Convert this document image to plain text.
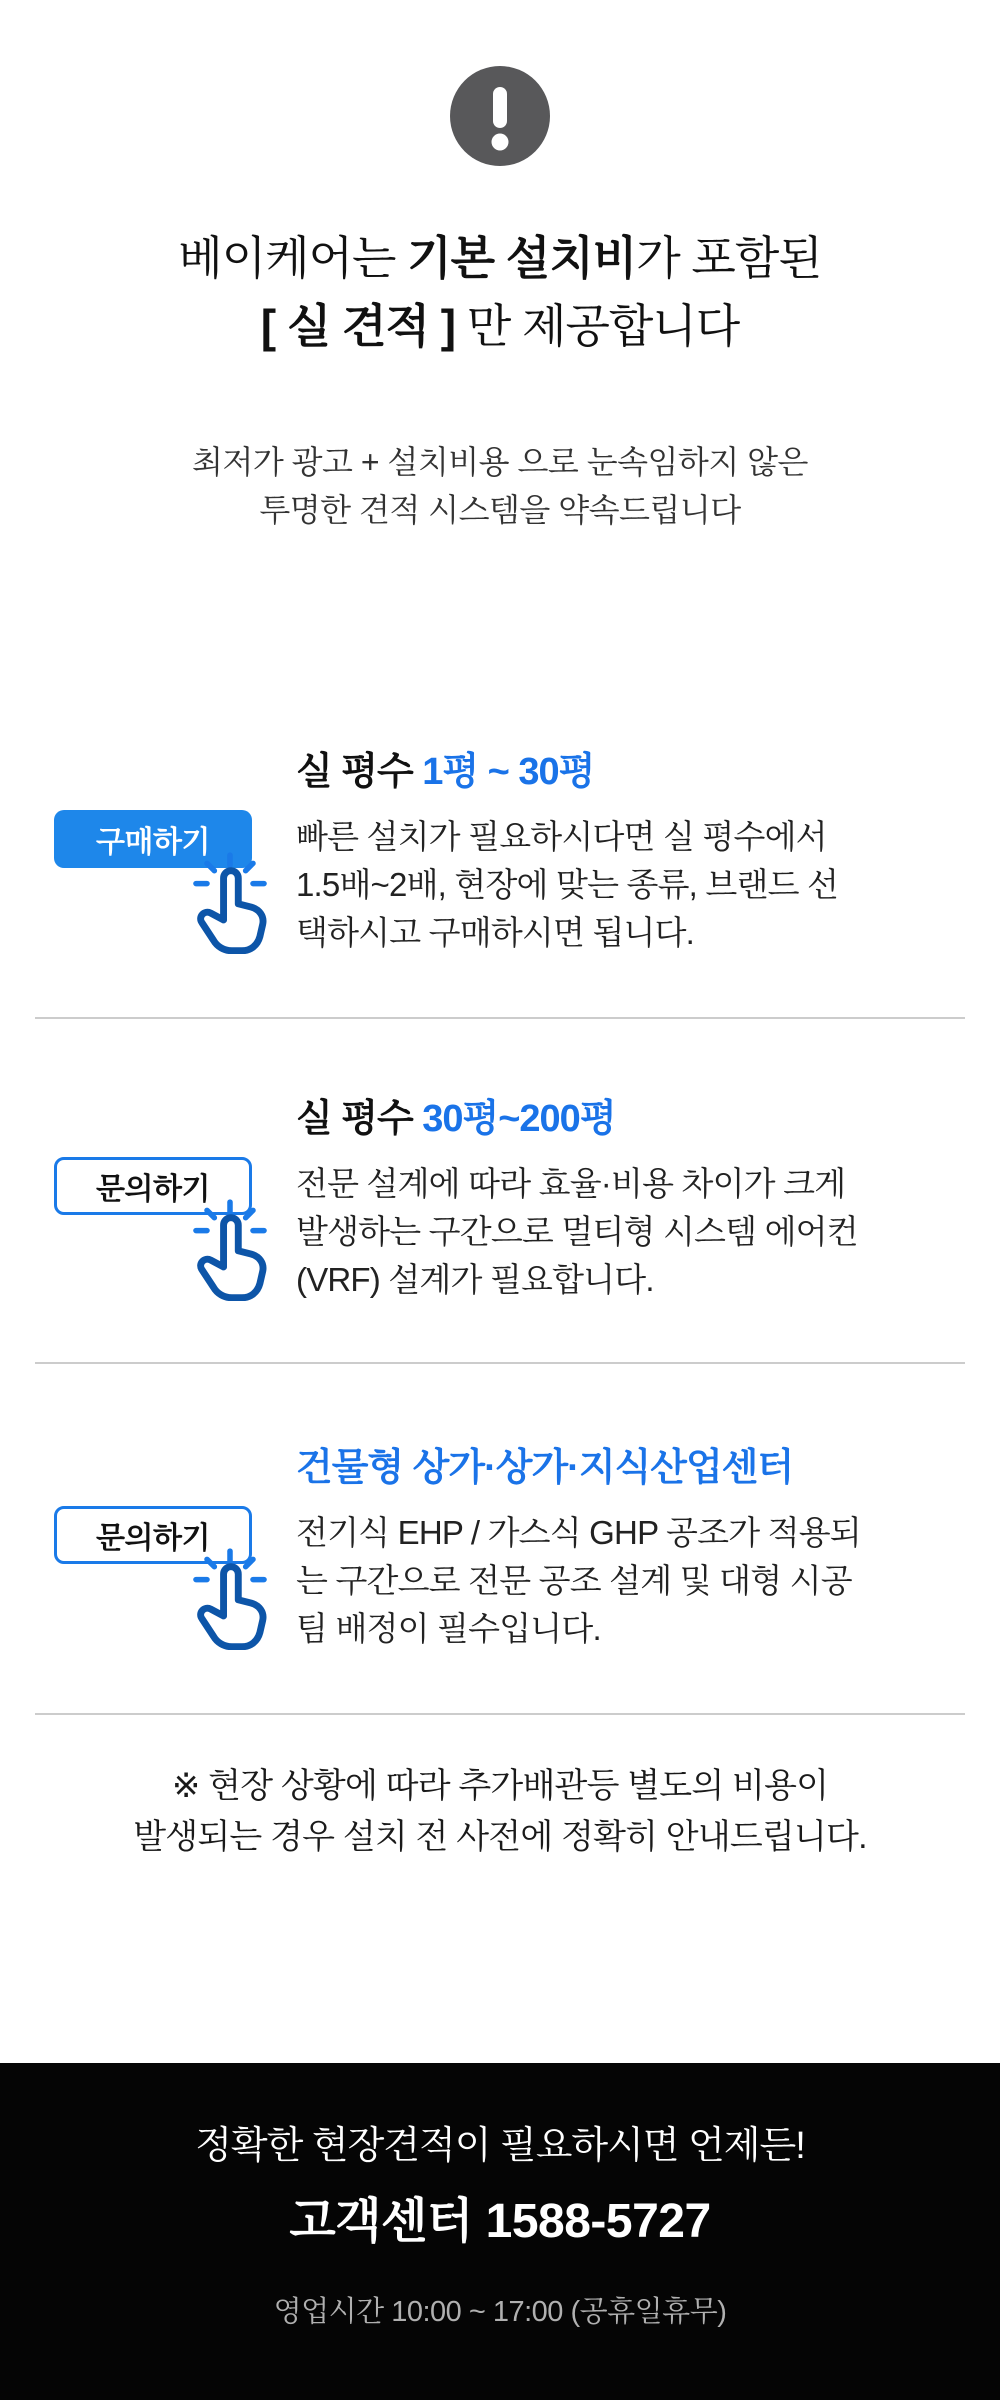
베이케어는 기본 설치비가 포함된
[ 실 견적 ] 만 제공합니다

최저가 광고 + 설치비용 으로 눈속임하지 않은
투명한 견적 시스템을 약속드립니다

구매하기
실 평수 1평 ~ 30평

빠른 설치가 필요하시다면 실 평수에서
1.5배~2배, 현장에 맞는 종류, 브랜드 선
택하시고 구매하시면 됩니다.

문의하기
실 평수 30평~200평

전문 설계에 따라 효율·비용 차이가 크게
발생하는 구간으로 멀티형 시스템 에어컨
(VRF) 설계가 필요합니다.

문의하기
건물형 상가·상가·지식산업센터

전기식 EHP / 가스식 GHP 공조가 적용되
는 구간으로 전문 공조 설계 및 대형 시공
팀 배정이 필수입니다.

※ 현장 상황에 따라 추가배관등 별도의 비용이
발생되는 경우 설치 전 사전에 정확히 안내드립니다.

정확한 현장견적이 필요하시면 언제든!

고객센터 1588-5727

영업시간 10:00 ~ 17:00 (공휴일휴무)
